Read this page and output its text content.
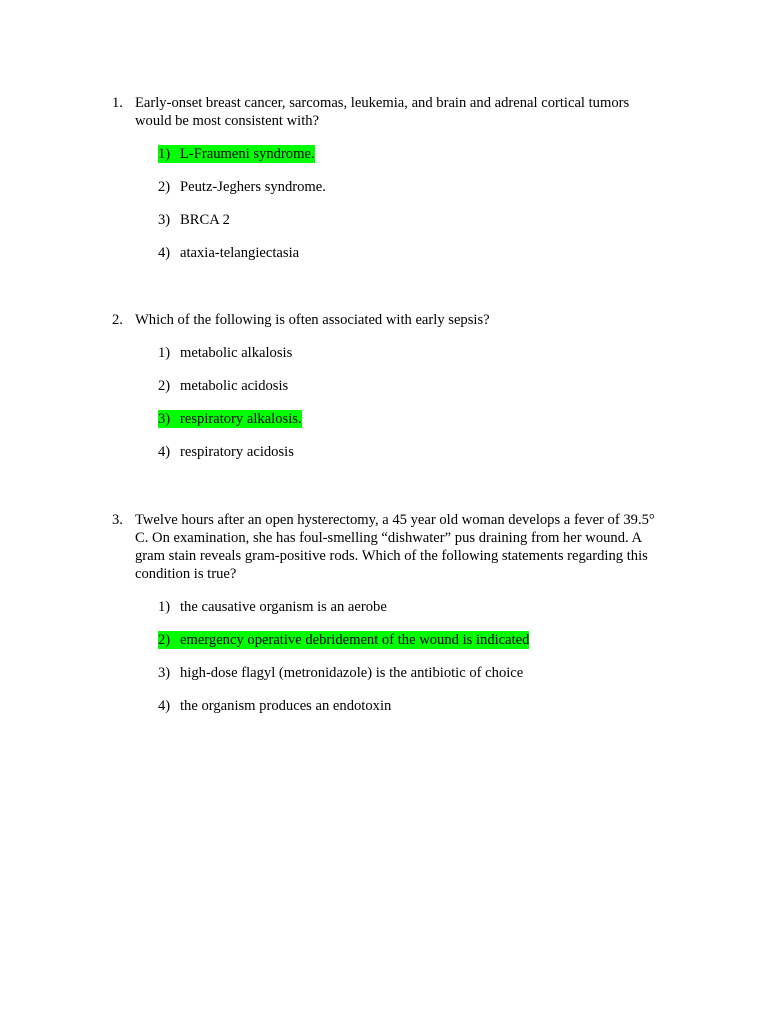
1. Early-onset breast cancer, sarcomas, leukemia, and brain and adrenal cortical tumors would be most consistent with?
1) L-Fraumeni syndrome.
2) Peutz-Jeghers syndrome.
3) BRCA 2
4) ataxia-telangiectasia
2. Which of the following is often associated with early sepsis?
1) metabolic alkalosis
2) metabolic acidosis
3) respiratory alkalosis.
4) respiratory acidosis
3. Twelve hours after an open hysterectomy, a 45 year old woman develops a fever of 39.5° C. On examination, she has foul-smelling “dishwater” pus draining from her wound. A gram stain reveals gram-positive rods. Which of the following statements regarding this condition is true?
1) the causative organism is an aerobe
2) emergency operative debridement of the wound is indicated
3) high-dose flagyl (metronidazole) is the antibiotic of choice
4) the organism produces an endotoxin
